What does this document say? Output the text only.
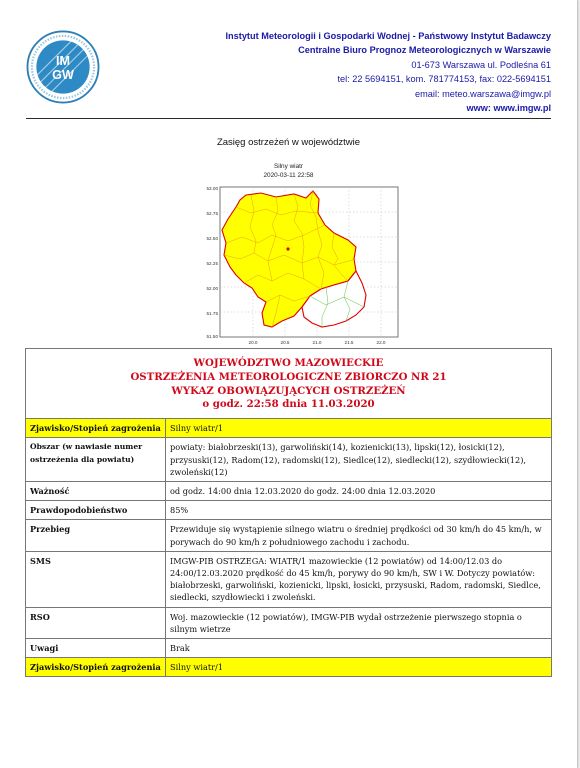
IM
GW
Instytut Meteorologii i Gospodarki Wodnej - Państwowy Instytut Badawczy
Centralne Biuro Prognoz Meteorologicznych w Warszawie
01-673 Warszawa ul. Podleśna 61
tel: 22 5694151, kom. 781774153, fax: 022-5694151
email: meteo.warszawa@imgw.pl
www: www.imgw.pl
Zasięg ostrzeżeń w województwie
Silny wiatr
2020-03-11 22:58
53.00
52.75
52.50
52.25
52.00
51.75
51.50
20.0	20.5	21.0	21.5	22.0
WOJEWÓDZTWO MAZOWIECKIE
OSTRZEŻENIA METEOROLOGICZNE ZBIORCZO NR 21
WYKAZ OBOWIĄZUJĄCYCH OSTRZEŻEŃ
o godz. 22:58 dnia 11.03.2020	

Zjawisko/Stopień zagrożenia	Silny wiatr/1
Obszar (w nawiasie numer ostrzeżenia dla powiatu)	powiaty: białobrzeski(13), garwoliński(14), kozienicki(13), lipski(12), łosicki(12), przysuski(12), Radom(12), radomski(12), Siedlce(12), siedlecki(12), szydłowiecki(12), zwoleński(12)
Ważność	od godz. 14:00 dnia 12.03.2020 do godz. 24:00 dnia 12.03.2020
Prawdopodobieństwo	85%
Przebieg	Przewiduje się wystąpienie silnego wiatru o średniej prędkości od 30 km/h do 45 km/h, w porywach do 90 km/h z południowego zachodu i zachodu.
SMS	IMGW-PIB OSTRZEGA: WIATR/1 mazowieckie (12 powiatów) od 14:00/12.03 do 24:00/12.03.2020 prędkość do 45 km/h, porywy do 90 km/h, SW i W. Dotyczy powiatów: białobrzeski, garwoliński, kozienicki, lipski, łosicki, przysuski, Radom, radomski, Siedlce, siedlecki, szydłowiecki i zwoleński.
RSO	Woj. mazowieckie (12 powiatów), IMGW-PIB wydał ostrzeżenie pierwszego stopnia o silnym wietrze
Uwagi	Brak
Zjawisko/Stopień zagrożenia	Silny wiatr/1
